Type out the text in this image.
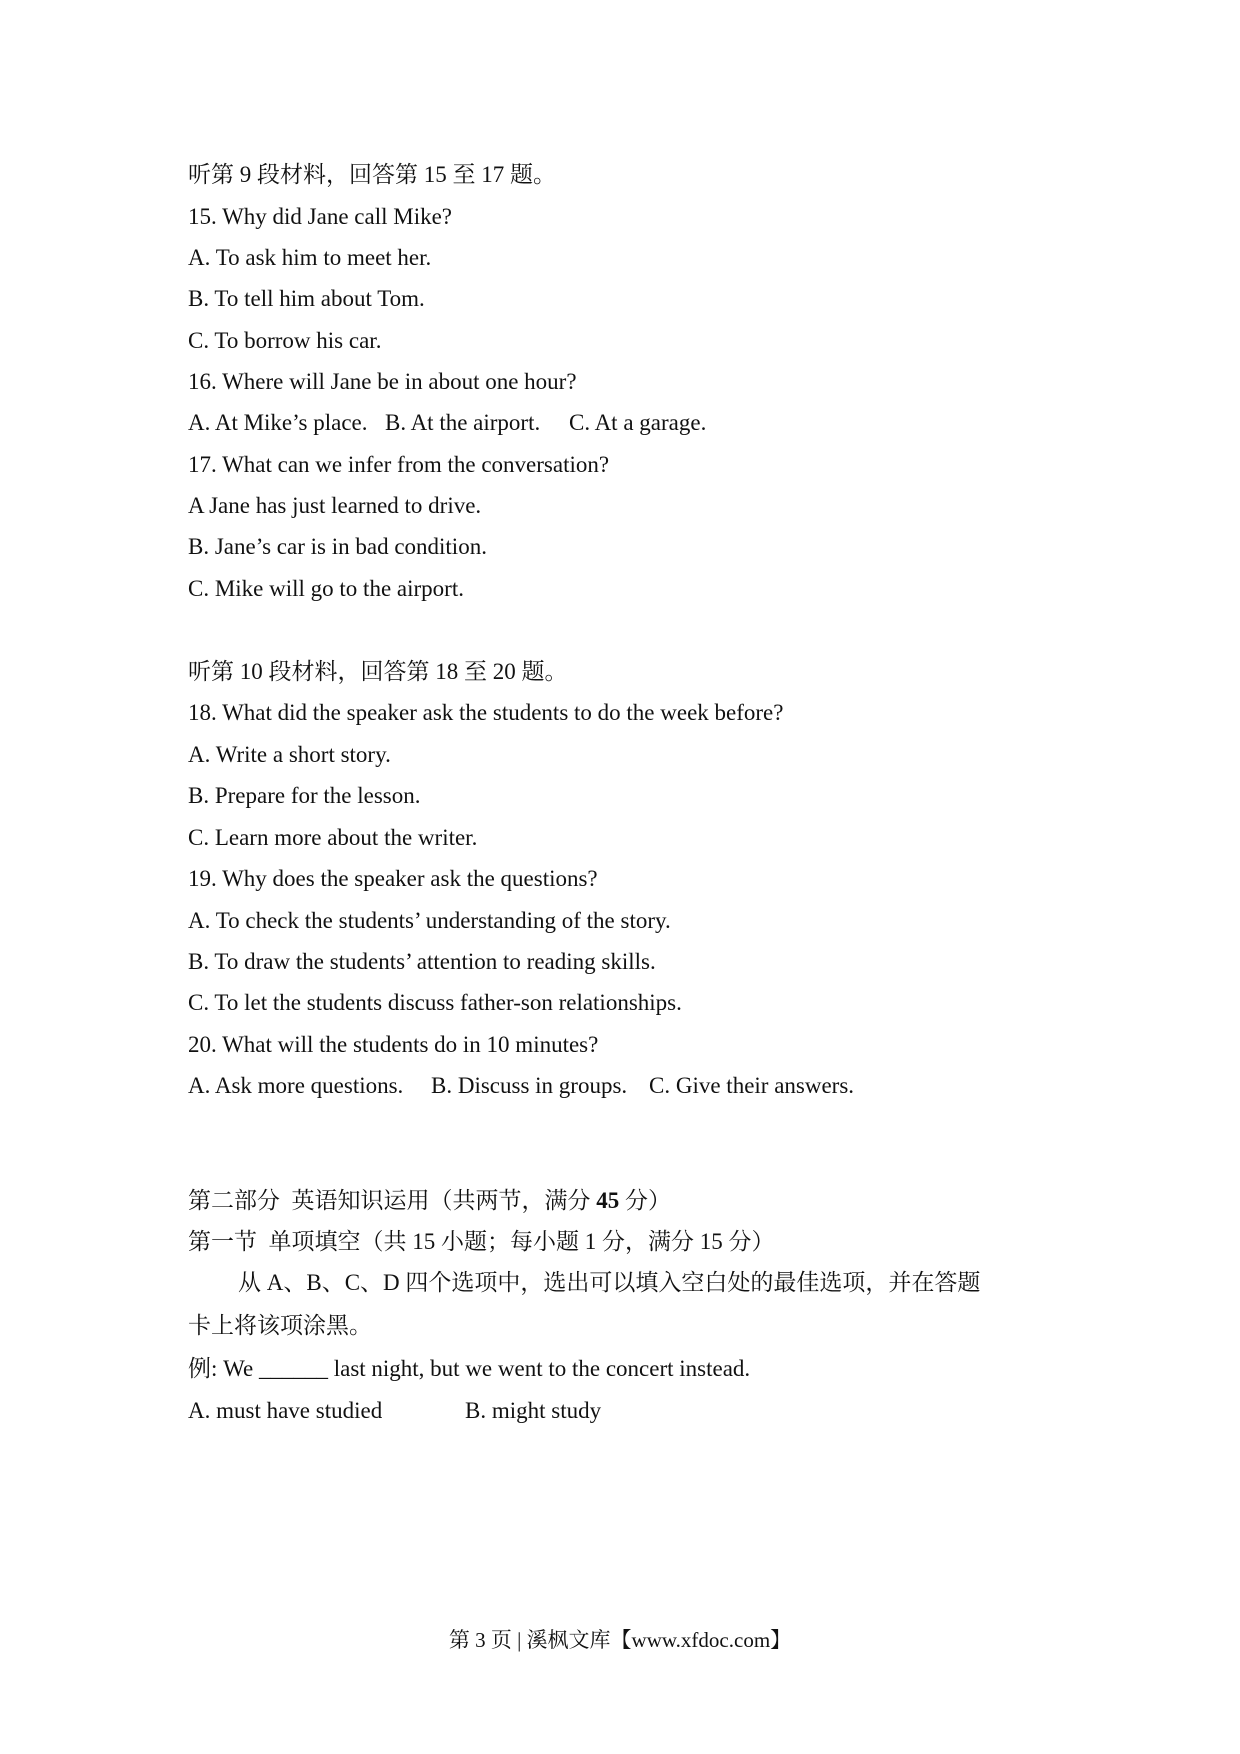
听第 9 段材料，回答第 15 至 17 题。
15. Why did Jane call Mike?
A. To ask him to meet her.
B. To tell him about Tom.
C. To borrow his car.
16. Where will Jane be in about one hour?
A. At Mike’s place. B. At the airport. C. At a garage.
17. What can we infer from the conversation?
A Jane has just learned to drive.
B. Jane’s car is in bad condition.
C. Mike will go to the airport.
听第 10 段材料，回答第 18 至 20 题。
18. What did the speaker ask the students to do the week before?
A. Write a short story.
B. Prepare for the lesson.
C. Learn more about the writer.
19. Why does the speaker ask the questions?
A. To check the students’ understanding of the story.
B. To draw the students’ attention to reading skills.
C. To let the students discuss father-son relationships.
20. What will the students do in 10 minutes?
A. Ask more questions. B. Discuss in groups. C. Give their answers.
第二部分  英语知识运用（共两节，满分 45 分）
第一节  单项填空（共 15 小题；每小题 1 分，满分 15 分）
从 A、B、C、D 四个选项中，选出可以填入空白处的最佳选项，并在答题
卡上将该项涂黑。
例: We ______ last night, but we went to the concert instead.
A. must have studied	B. might study
第 3 页 | 溪枫文库【www.xfdoc.com】
